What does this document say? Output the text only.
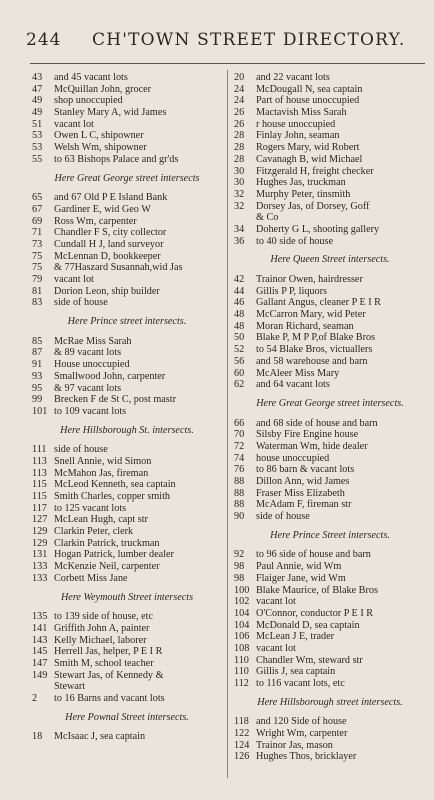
244 CH'TOWN STREET DIRECTORY.
43 and 45 vacant lots
47 McQuillan John, grocer
49 shop unoccupied
49 Stanley Mary A, wid James
51 vacant lot
53 Owen L C, shipowner
53 Welsh Wm, shipowner
55 to 63 Bishops Palace and gr'ds
Here Great George street intersects
65 and 67 Old P E Island Bank
67 Gardiner E, wid Geo W
69 Ross Wm, carpenter
71 Chandler F S, city collector
73 Cundall H J, land surveyor
75 McLennan D, bookkeeper
75 & 77Haszard Susannah,wid Jas
79 vacant lot
81 Dorion Leon, ship builder
83 side of house
Here Prince street intersects.
85 McRae Miss Sarah
87 & 89 vacant lots
91 House unoccupied
93 Smallwood John, carpenter
95 & 97 vacant lots
99 Brecken F de St C, post mastr
101 to 109 vacant lots
Here Hillsborough St. intersects.
111 side of house
113 Snell Annie, wid Simon
113 McMahon Jas, fireman
115 McLeod Kenneth, sea captain
115 Smith Charles, copper smith
117 to 125 vacant lots
127 McLean Hugh, capt str
129 Clarkin Peter, clerk
129 Clarkin Patrick, truckman
131 Hogan Patrick, lumber dealer
133 McKenzie Neil, carpenter
133 Corbett Miss Jane
Here Weymouth Street intersects
135 to 139 side of house, etc
141 Griffith John A, painter
143 Kelly Michael, laborer
145 Herrell Jas, helper, P E I R
147 Smith M, school teacher
149 Stewart Jas, of Kennedy &
Stewart
2 to 16 Barns and vacant lots
Here Pownal Street intersects.
18 McIsaac J, sea captain
20 and 22 vacant lots
24 McDougall N, sea captain
24 Part of house unoccupied
26 Mactavish Miss Sarah
26 r house unoccupied
28 Finlay John, seaman
28 Rogers Mary, wid Robert
28 Cavanagh B, wid Michael
30 Fitzgerald H, freight checker
30 Hughes Jas, truckman
32 Murphy Peter, tinsmith
32 Dorsey Jas, of Dorsey, Goff
& Co
34 Doherty G L, shooting gallery
36 to 40 side of house
Here Queen Street intersects.
42 Trainor Owen, hairdresser
44 Gillis P P, liquors
46 Gallant Angus, cleaner P E I R
48 McCarron Mary, wid Peter
48 Moran Richard, seaman
50 Blake P, M P P,of Blake Bros
52 to 54 Blake Bros, victuallers
56 and 58 warehouse and barn
60 McAleer Miss Mary
62 and 64 vacant lots
Here Great George street intersects.
66 and 68 side of house and barn
70 Silsby Fire Engine house
72 Waterman Wm, hide dealer
74 house unoccupied
76 to 86 barn & vacant lots
88 Dillon Ann, wid James
88 Fraser Miss Elizabeth
88 McAdam F, fireman str
90 side of house
Here Prince Street intersects.
92 to 96 side of house and barn
98 Paul Annie, wid Wm
98 Flaiger Jane, wid Wm
100 Blake Maurice, of Blake Bros
102 vacant lot
104 O'Connor, conductor P E I R
104 McDonald D, sea captain
106 McLean J E, trader
108 vacant lot
110 Chandler Wm, steward str
110 Gillis J, sea captain
112 to 116 vacant lots, etc
Here Hillsborough street intersects.
118 and 120 Side of house
122 Wright Wm, carpenter
124 Trainor Jas, mason
126 Hughes Thos, bricklayer
